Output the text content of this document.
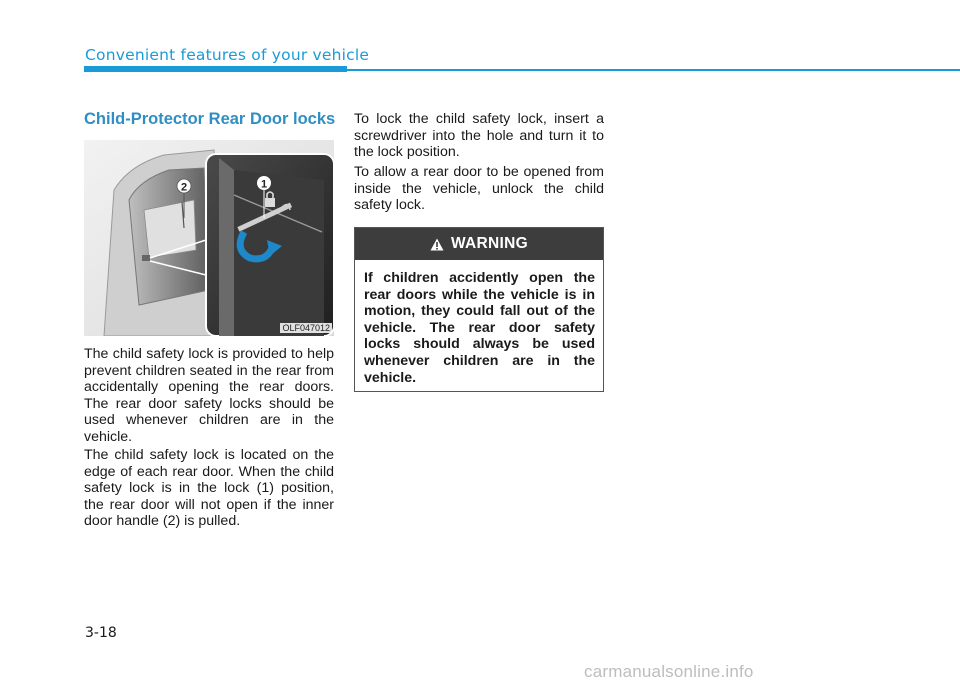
Convenient features of your vehicle
Child-Protector Rear Door locks
1
2
OLF047012

The child safety lock is provided to help prevent children seated in the rear from accidentally opening the rear doors. The rear door safety locks should be used whenever children are in the vehicle.

The child safety lock is located on the edge of each rear door. When the child safety lock is in the lock (1) position, the rear door will not open if the inner door handle (2) is pulled.

To lock the child safety lock, insert a screwdriver into the hole and turn it to the lock position.

To allow a rear door to be opened from inside the vehicle, unlock the child safety lock.

WARNING

If children accidently open the rear doors while the vehicle is in motion, they could fall out of the vehicle. The rear door safety locks should always be used whenever children are in the vehicle.

3-18
carmanualsonline.info
